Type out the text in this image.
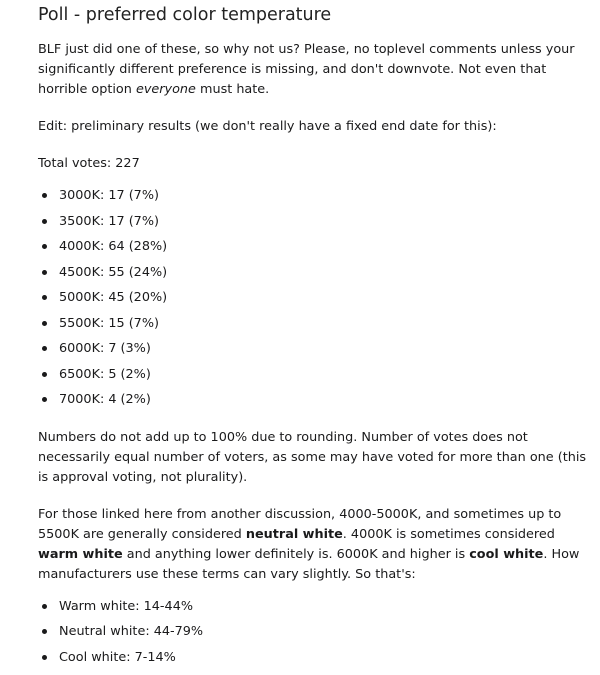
Poll - preferred color temperature

BLF just did one of these, so why not us? Please, no toplevel comments unless your significantly different preference is missing, and don't downvote. Not even that horrible option everyone must hate.

Edit: preliminary results (we don't really have a fixed end date for this):

Total votes: 227

3000K: 17 (7%)
3500K: 17 (7%)
4000K: 64 (28%)
4500K: 55 (24%)
5000K: 45 (20%)
5500K: 15 (7%)
6000K: 7 (3%)
6500K: 5 (2%)
7000K: 4 (2%)

Numbers do not add up to 100% due to rounding. Number of votes does not necessarily equal number of voters, as some may have voted for more than one (this is approval voting, not plurality).

For those linked here from another discussion, 4000-5000K, and sometimes up to 5500K are generally considered neutral white. 4000K is sometimes considered warm white and anything lower definitely is. 6000K and higher is cool white. How manufacturers use these terms can vary slightly. So that's:

Warm white: 14-44%
Neutral white: 44-79%
Cool white: 7-14%
